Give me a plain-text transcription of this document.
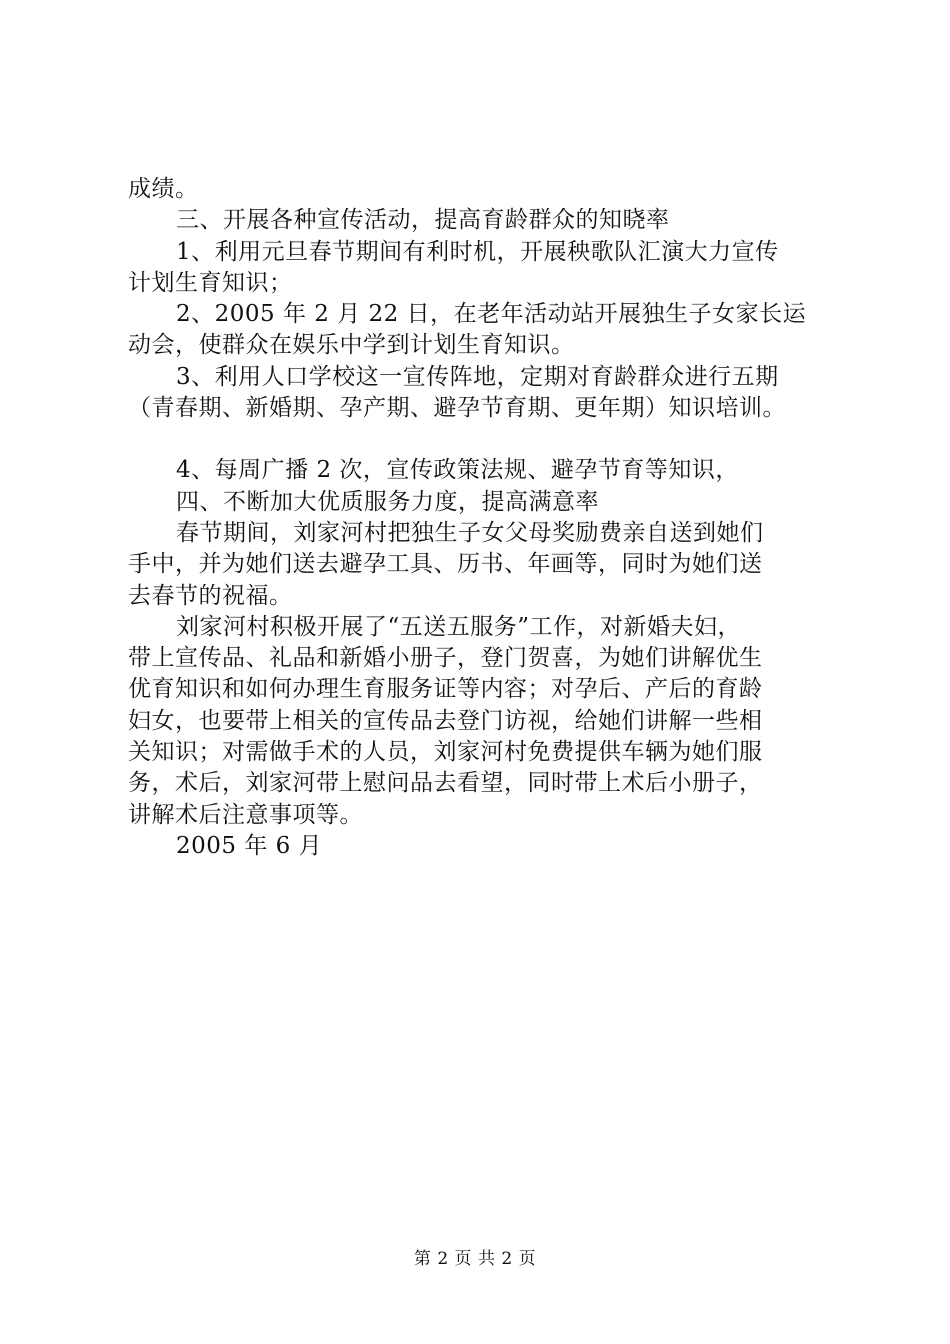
成绩。
三、开展各种宣传活动，提高育龄群众的知晓率
1、利用元旦春节期间有利时机，开展秧歌队汇演大力宣传
计划生育知识；
2、2005 年 2 月 22 日，在老年活动站开展独生子女家长运
动会，使群众在娱乐中学到计划生育知识。
3、利用人口学校这一宣传阵地，定期对育龄群众进行五期
（青春期、新婚期、孕产期、避孕节育期、更年期）知识培训。
4、每周广播 2 次，宣传政策法规、避孕节育等知识，
四、不断加大优质服务力度，提高满意率
春节期间，刘家河村把独生子女父母奖励费亲自送到她们
手中，并为她们送去避孕工具、历书、年画等，同时为她们送
去春节的祝福。
刘家河村积极开展了“五送五服务”工作，对新婚夫妇，
带上宣传品、礼品和新婚小册子，登门贺喜，为她们讲解优生
优育知识和如何办理生育服务证等内容；对孕后、产后的育龄
妇女，也要带上相关的宣传品去登门访视，给她们讲解一些相
关知识；对需做手术的人员，刘家河村免费提供车辆为她们服
务，术后，刘家河带上慰问品去看望，同时带上术后小册子，
讲解术后注意事项等。
2005 年 6 月
第 2 页 共 2 页
